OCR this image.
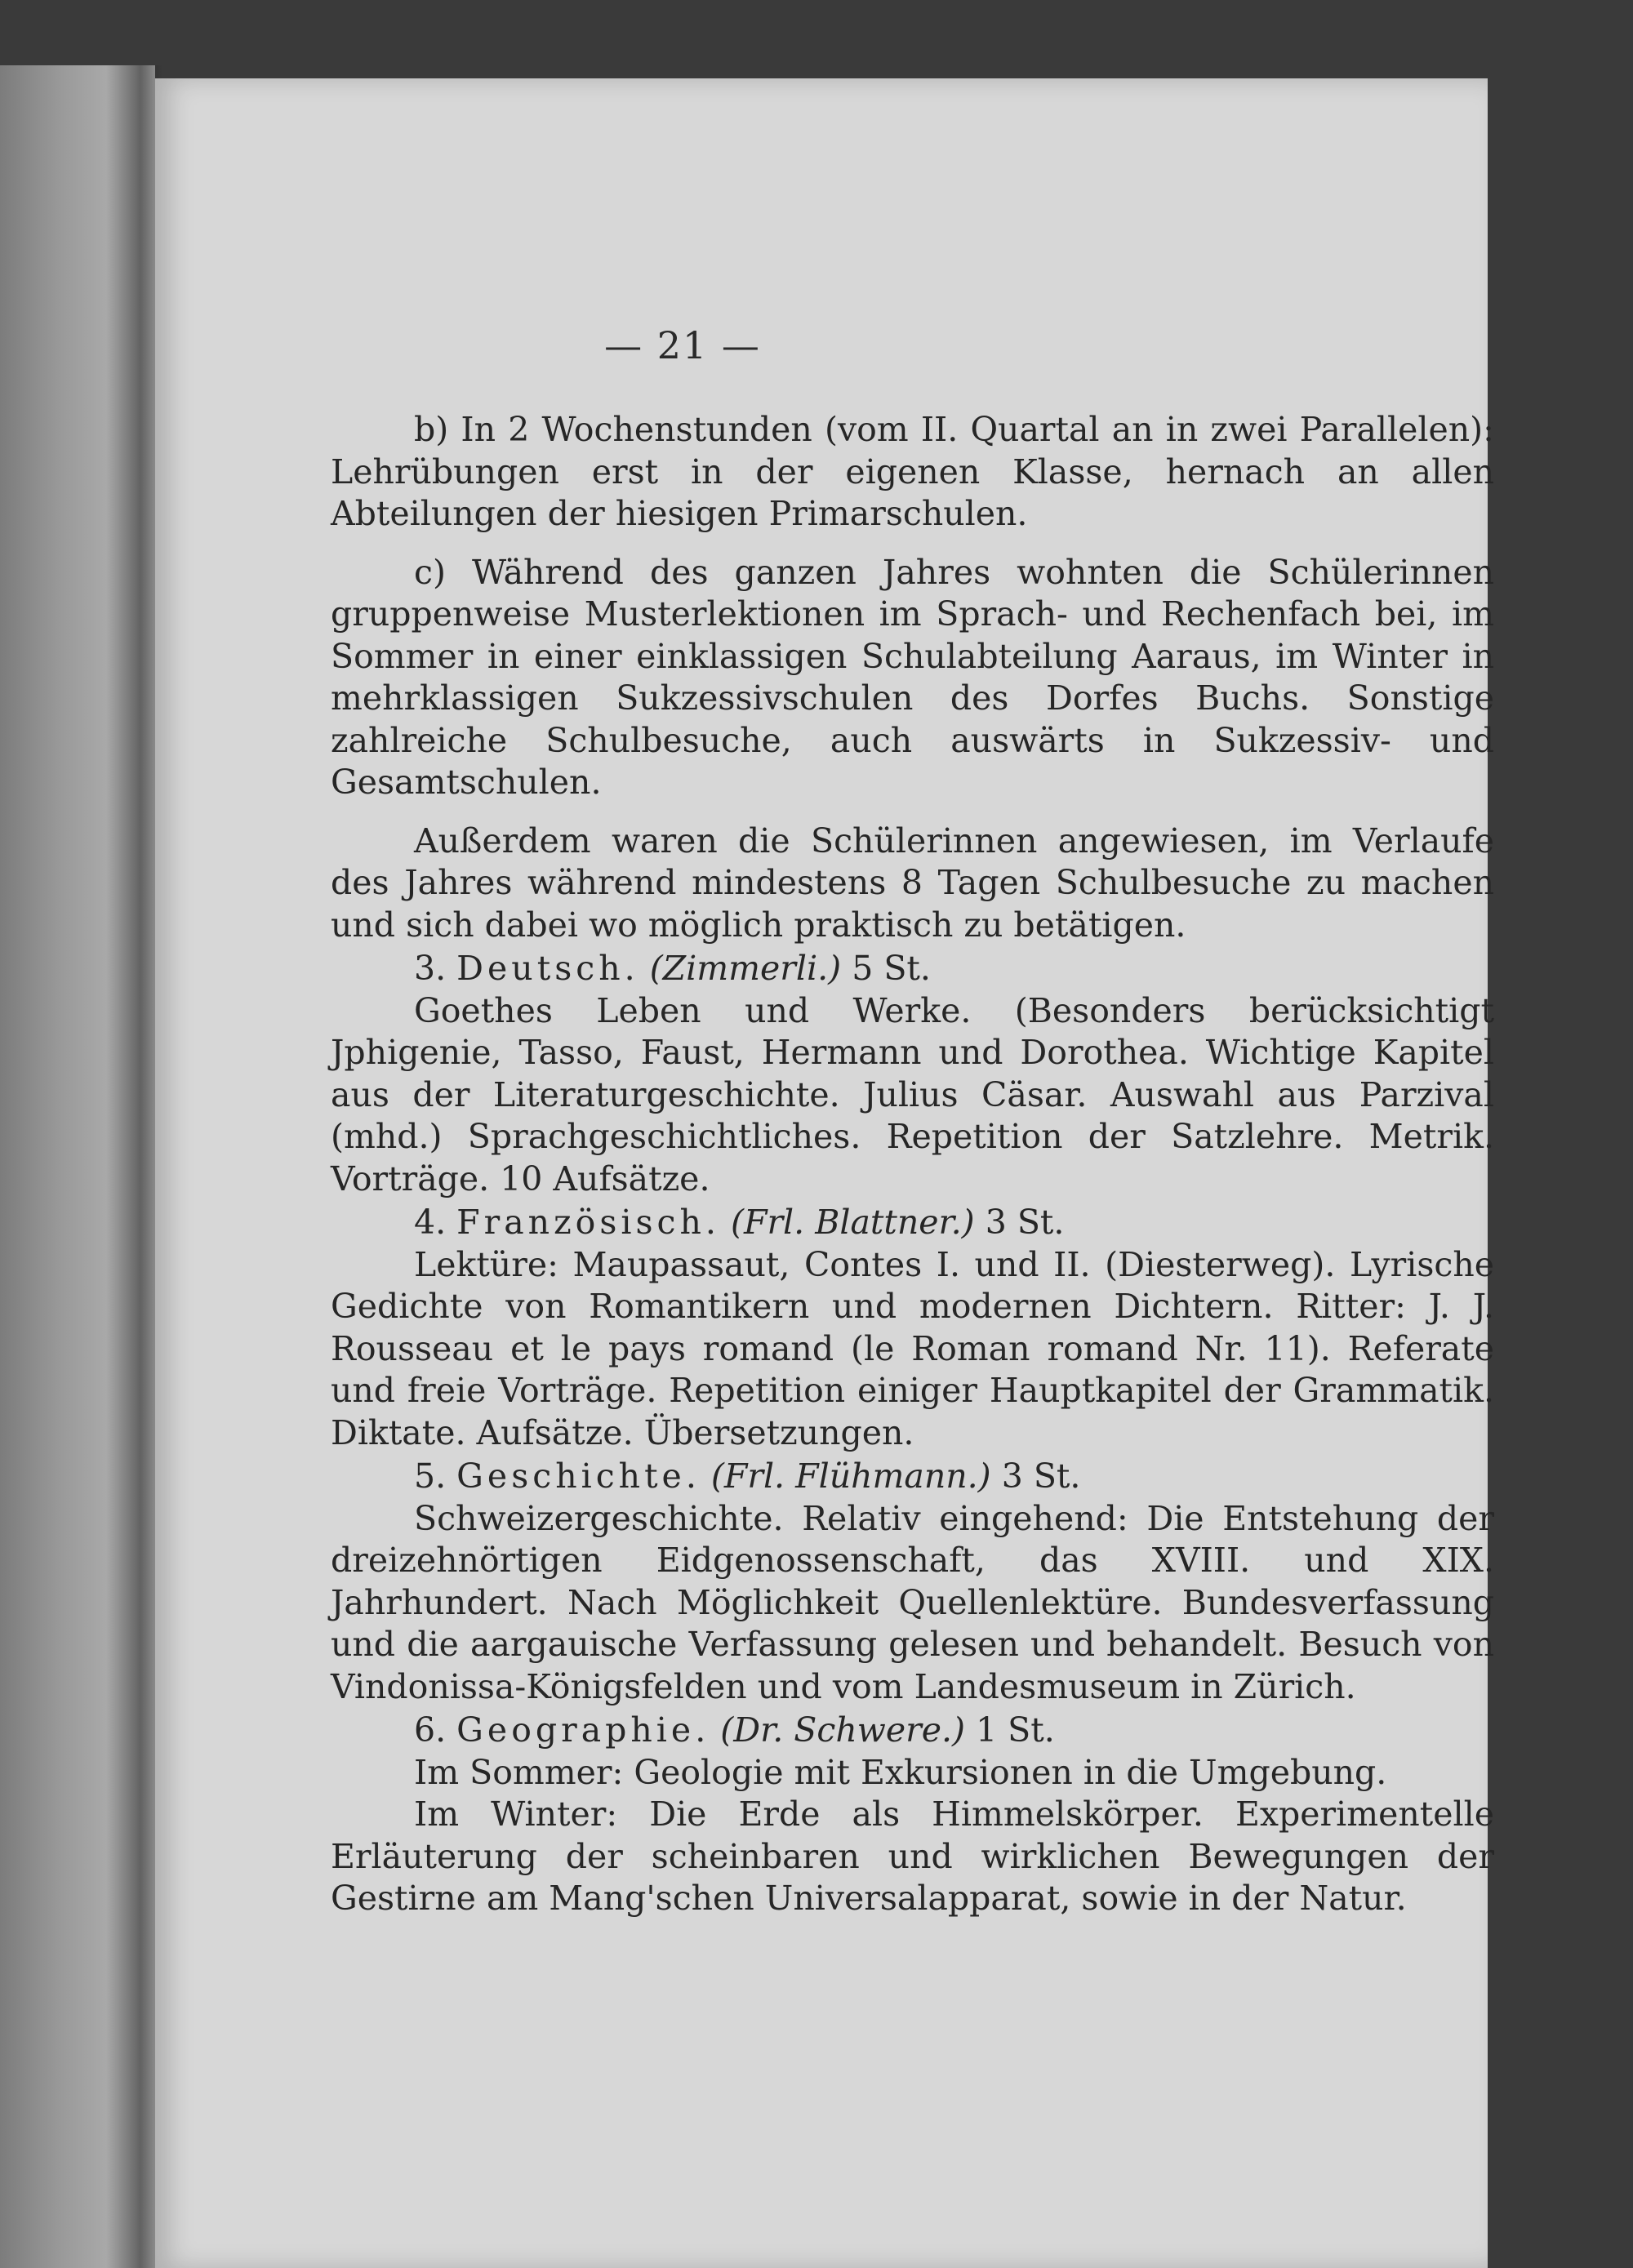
— 21 —

b) In 2 Wochenstunden (vom II. Quartal an in zwei Parallelen): Lehrübungen erst in der eigenen Klasse, hernach an allen Abteilungen der hiesigen Primarschulen.

c) Während des ganzen Jahres wohnten die Schülerinnen gruppenweise Musterlektionen im Sprach- und Rechenfach bei, im Sommer in einer einklassigen Schulabteilung Aaraus, im Winter in mehrklassigen Sukzessivschulen des Dorfes Buchs. Sonstige zahlreiche Schulbesuche, auch auswärts in Sukzessiv- und Gesamtschulen.

Außerdem waren die Schülerinnen angewiesen, im Verlaufe des Jahres während mindestens 8 Tagen Schulbesuche zu machen und sich dabei wo möglich praktisch zu betätigen.

3. Deutsch. (Zimmerli.) 5 St.

Goethes Leben und Werke. (Besonders berücksichtigt Jphigenie, Tasso, Faust, Hermann und Dorothea. Wichtige Kapitel aus der Literaturgeschichte. Julius Cäsar. Auswahl aus Parzival (mhd.) Sprachgeschichtliches. Repetition der Satzlehre. Metrik. Vorträge. 10 Aufsätze.

4. Französisch. (Frl. Blattner.) 3 St.

Lektüre: Maupassaut, Contes I. und II. (Diesterweg). Lyrische Gedichte von Romantikern und modernen Dichtern. Ritter: J. J. Rousseau et le pays romand (le Roman romand Nr. 11). Referate und freie Vorträge. Repetition einiger Hauptkapitel der Grammatik. Diktate. Aufsätze. Übersetzungen.

5. Geschichte. (Frl. Flühmann.) 3 St.

Schweizergeschichte. Relativ eingehend: Die Entstehung der dreizehnörtigen Eidgenossenschaft, das XVIII. und XIX. Jahrhundert. Nach Möglichkeit Quellenlektüre. Bundesverfassung und die aargauische Verfassung gelesen und behandelt. Besuch von Vindonissa-Königsfelden und vom Landesmuseum in Zürich.

6. Geographie. (Dr. Schwere.) 1 St.

Im Sommer: Geologie mit Exkursionen in die Umgebung.

Im Winter: Die Erde als Himmelskörper. Experimentelle Erläuterung der scheinbaren und wirklichen Bewegungen der Gestirne am Mang'schen Universalapparat, sowie in der Natur.
